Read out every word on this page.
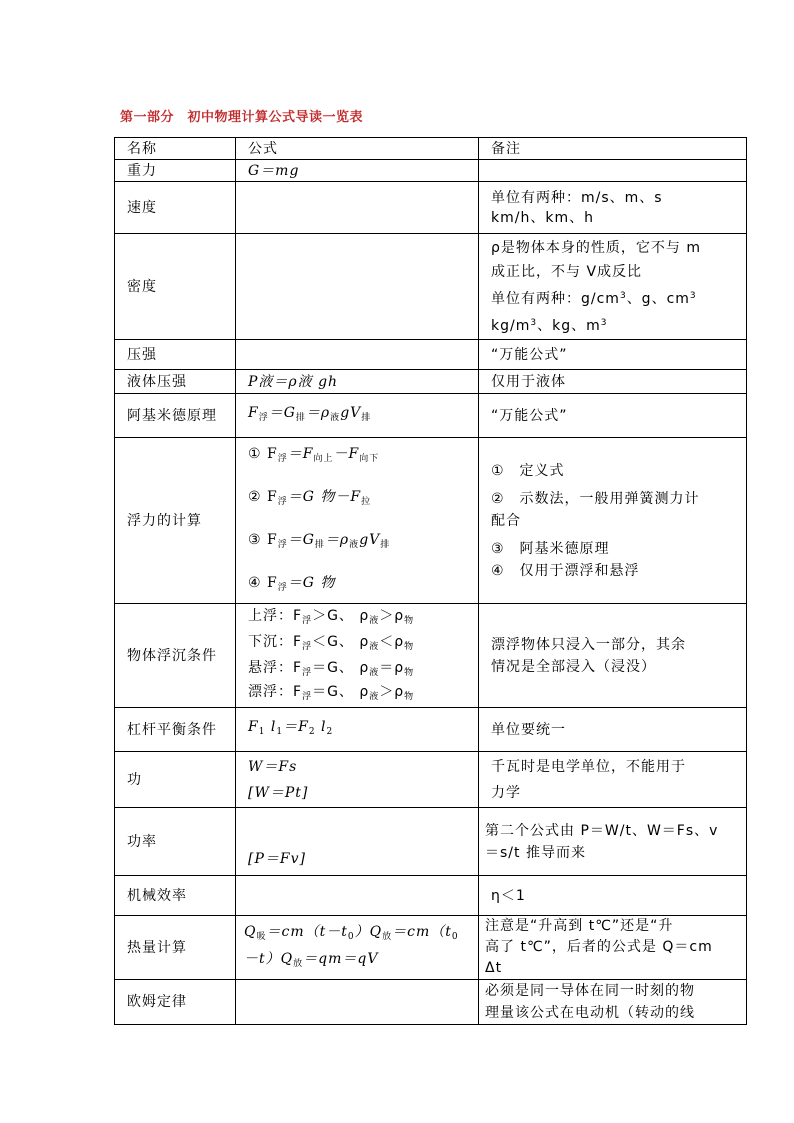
第一部分　初中物理计算公式导读一览表
名称	公式	备注
重力	G＝mg	
速度		单位有两种：m/s、m、s
km/h、km、h

密度		ρ是物体本身的性质，它不与 m
成正比，不与 V成反比
单位有两种：$g/cm^3$、g、$cm^3$
$kg/m^3$、kg、$m^3$

压强		“万能公式”
液体压强	P液＝ρ液 gh	仅用于液体
阿基米德原理	$F_浮=G_排=\rho_液gV_排$	“万能公式”
浮力的计算	① $F_浮=F_{向上}-F_{向下}$
② $F_浮=G$ 物$-F_拉$
③ $F_浮=G_排=\rho_液gV_排$
④ $F_浮=G$ 物	①　定义式
②　示数法，一般用弹簧测力计
配合
③　阿基米德原理
④　仅用于漂浮和悬浮

物体浮沉条件	上浮：$F_浮>G$、 $\rho_液>\rho_物$
下沉：$F_浮<G$、 $\rho_液<\rho_物$
悬浮：$F_浮=G$、 $\rho_液=\rho_物$
漂浮：$F_浮=G$、 $\rho_液>\rho_物$	漂浮物体只浸入一部分，其余
情况是全部浸入（浸没）

杠杆平衡条件	$F_1$ $l_1=F_2$ $l_2$	单位要统一
功	W＝Fs
[W＝Pt]	千瓦时是电学单位，不能用于
力学

功率	[P＝Fv]	第二个公式由 P＝W/t、W＝Fs、v
＝s/t 推导而来

机械效率		η＜1
热量计算	$Q_吸=cm(t-t_0)Q_放=cm(t_0$
$-t)Q_放=qm=qV$	注意是“升高到 t℃”还是“升
高了 t℃”，后者的公式是 Q＝cm
Δt

欧姆定律		必须是同一导体在同一时刻的物
理量该公式在电动机（转动的线
